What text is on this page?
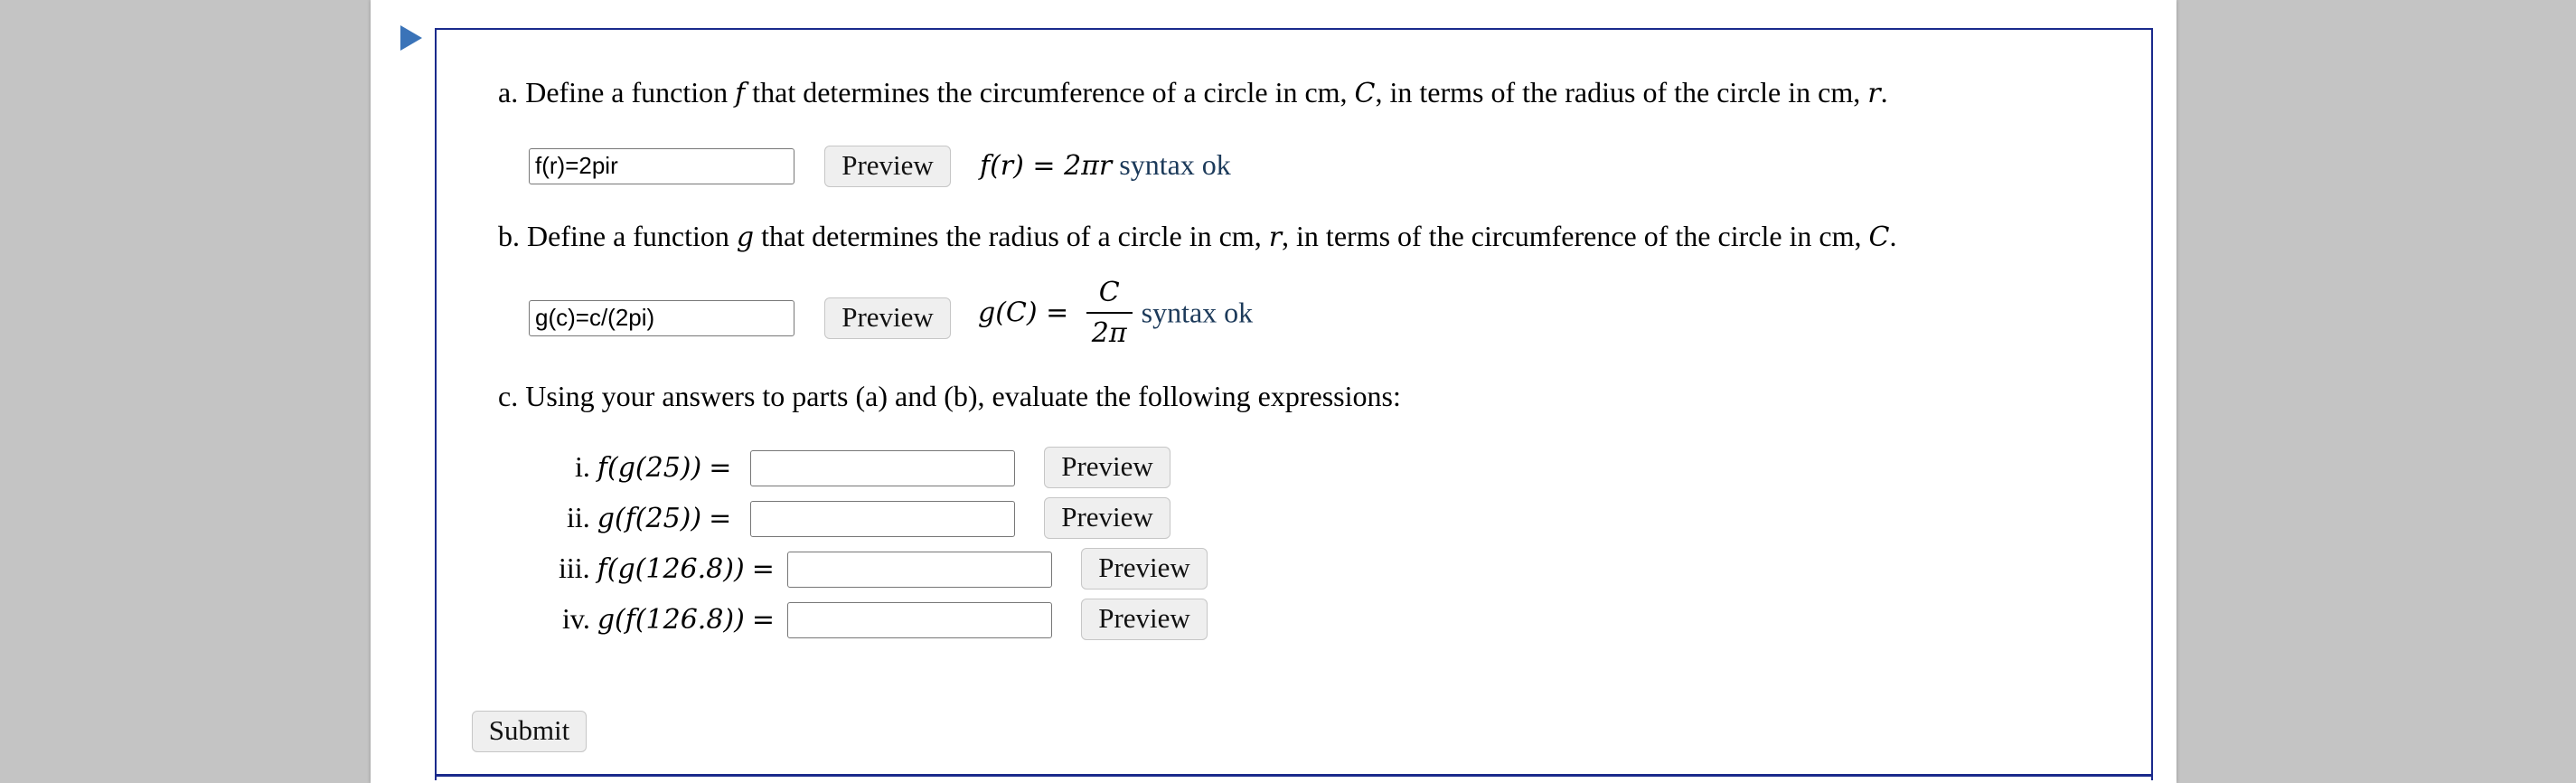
a. Define a function f that determines the circumference of a circle in cm, C, in terms of the radius of the circle in cm, r.
f(r)=2pir	Preview	f(r) = 2πr syntax ok
b. Define a function g that determines the radius of a circle in cm, r, in terms of the circumference of the circle in cm, C.
g(c)=c/(2pi)	Preview	$g(C) = \frac{C}{2\pi}$ syntax ok
c. Using your answers to parts (a) and (b), evaluate the following expressions:
i. f(g(25)) =	Preview
ii. g(f(25)) =	Preview
iii. f(g(126.8)) =	Preview
iv. g(f(126.8)) =	Preview
Submit
